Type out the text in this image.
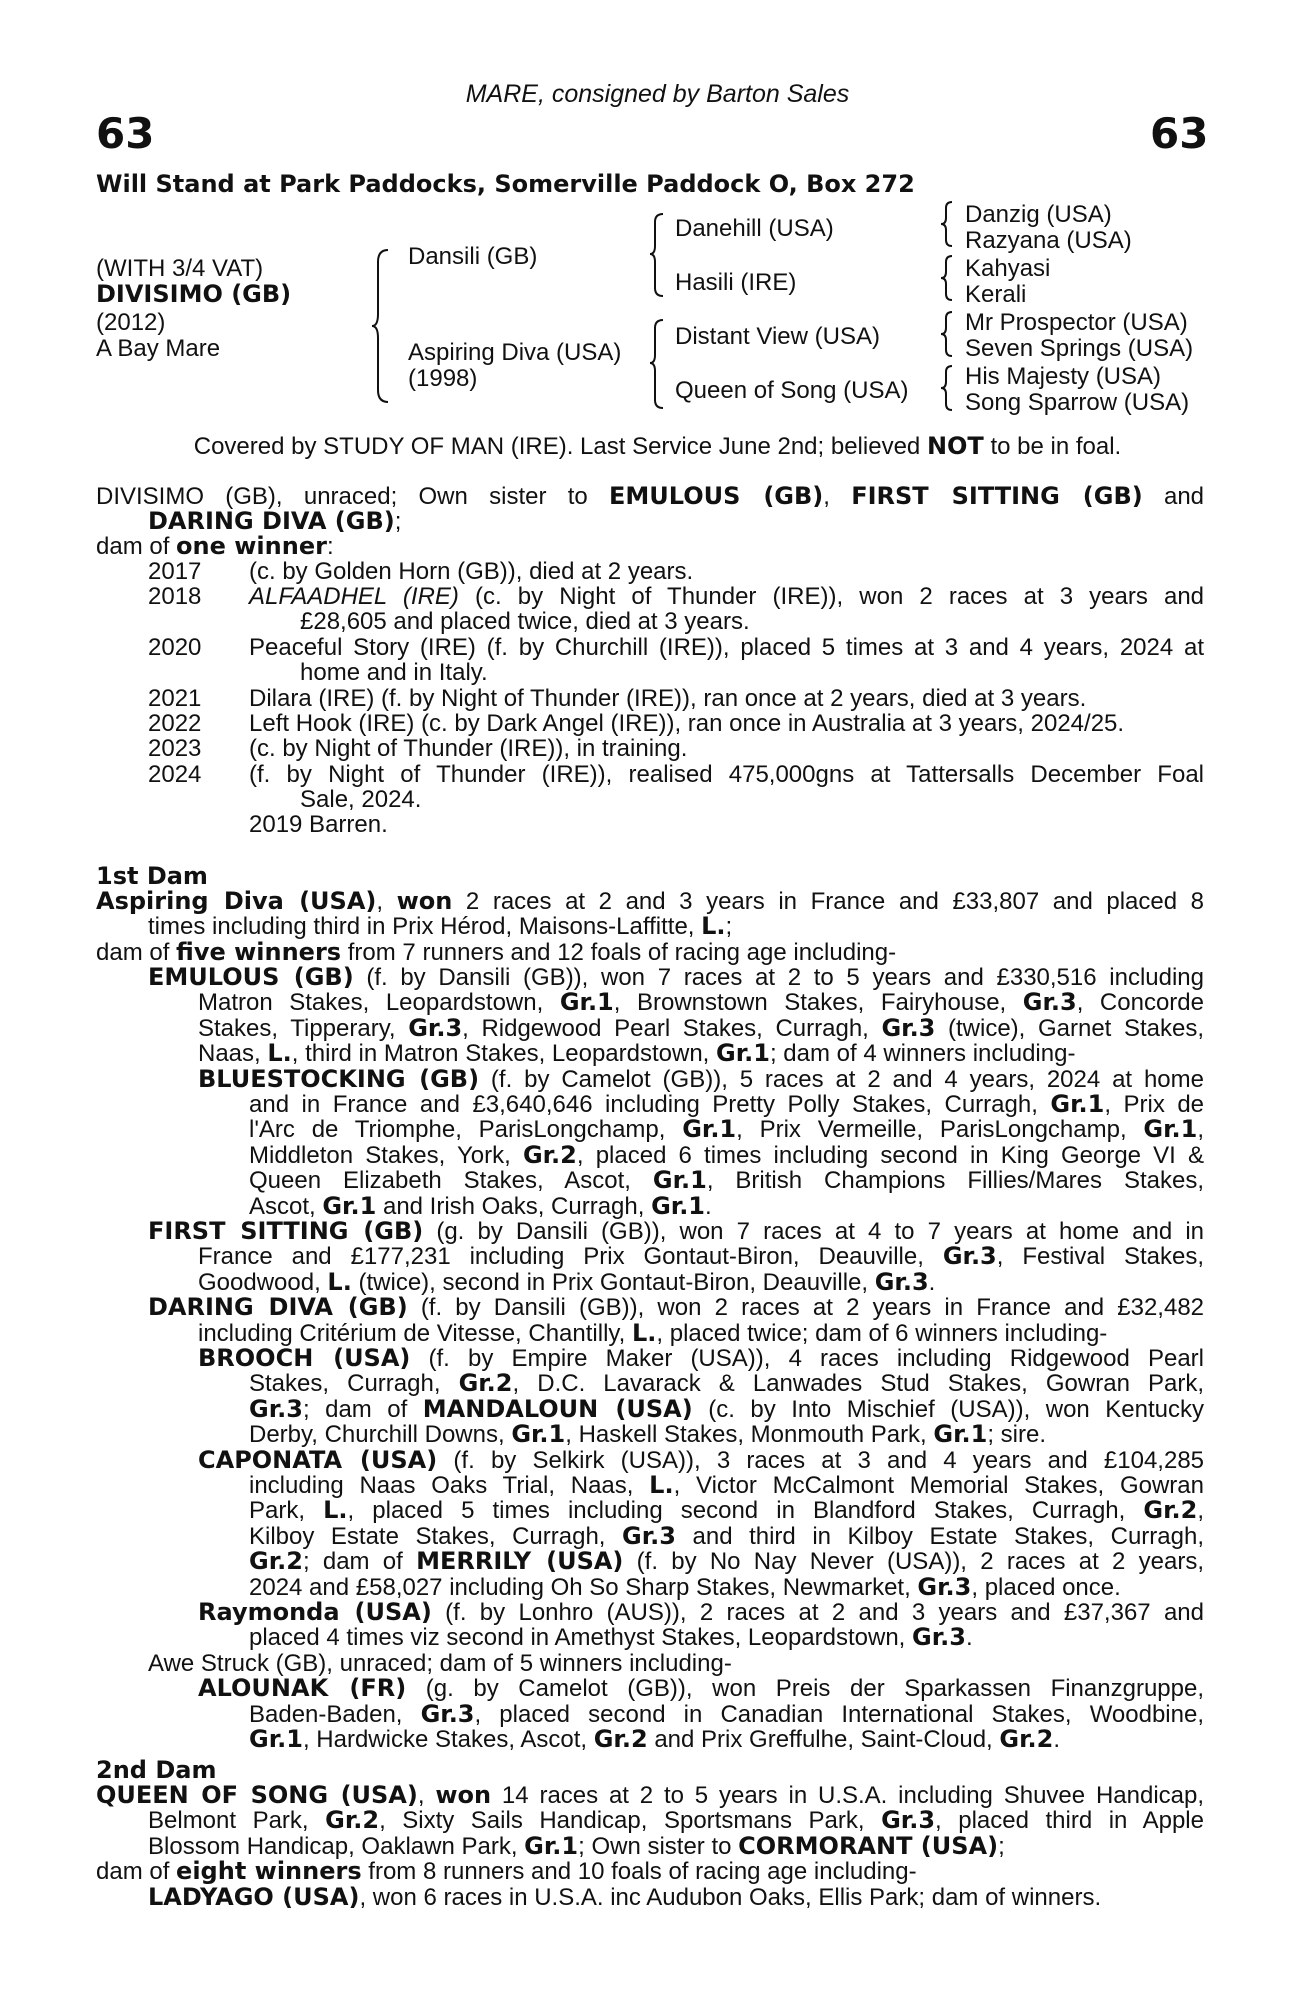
MARE, consigned by Barton Sales
63	63
Will Stand at Park Paddocks, Somerville Paddock O, Box 272
(WITH 3/4 VAT)
DIVISIMO (GB)
(2012)
A Bay Mare
Dansili (GB)
Aspiring Diva (USA)
(1998)
Danehill (USA)
Hasili (IRE)
Distant View (USA)
Queen of Song (USA)
Danzig (USA)
Razyana (USA)
Kahyasi
Kerali
Mr Prospector (USA)
Seven Springs (USA)
His Majesty (USA)
Song Sparrow (USA)
Covered by STUDY OF MAN (IRE). Last Service June 2nd; believed NOT to be in foal.
DIVISIMO (GB), unraced; Own sister to EMULOUS (GB), FIRST SITTING (GB) and
DARING DIVA (GB);
dam of one winner:
2017 (c. by Golden Horn (GB)), died at 2 years.
2018 ALFAADHEL (IRE) (c. by Night of Thunder (IRE)), won 2 races at 3 years and
£28,605 and placed twice, died at 3 years.
2020 Peaceful Story (IRE) (f. by Churchill (IRE)), placed 5 times at 3 and 4 years, 2024 at
home and in Italy.
2021 Dilara (IRE) (f. by Night of Thunder (IRE)), ran once at 2 years, died at 3 years.
2022 Left Hook (IRE) (c. by Dark Angel (IRE)), ran once in Australia at 3 years, 2024/25.
2023 (c. by Night of Thunder (IRE)), in training.
2024 (f. by Night of Thunder (IRE)), realised 475,000gns at Tattersalls December Foal
Sale, 2024.
2019 Barren.
1st Dam
Aspiring Diva (USA), won 2 races at 2 and 3 years in France and £33,807 and placed 8
times including third in Prix Hérod, Maisons-Laffitte, L.;
dam of five winners from 7 runners and 12 foals of racing age including-
EMULOUS (GB) (f. by Dansili (GB)), won 7 races at 2 to 5 years and £330,516 including
Matron Stakes, Leopardstown, Gr.1, Brownstown Stakes, Fairyhouse, Gr.3, Concorde
Stakes, Tipperary, Gr.3, Ridgewood Pearl Stakes, Curragh, Gr.3 (twice), Garnet Stakes,
Naas, L., third in Matron Stakes, Leopardstown, Gr.1; dam of 4 winners including-
BLUESTOCKING (GB) (f. by Camelot (GB)), 5 races at 2 and 4 years, 2024 at home
and in France and £3,640,646 including Pretty Polly Stakes, Curragh, Gr.1, Prix de
l'Arc de Triomphe, ParisLongchamp, Gr.1, Prix Vermeille, ParisLongchamp, Gr.1,
Middleton Stakes, York, Gr.2, placed 6 times including second in King George VI &
Queen Elizabeth Stakes, Ascot, Gr.1, British Champions Fillies/Mares Stakes,
Ascot, Gr.1 and Irish Oaks, Curragh, Gr.1.
FIRST SITTING (GB) (g. by Dansili (GB)), won 7 races at 4 to 7 years at home and in
France and £177,231 including Prix Gontaut-Biron, Deauville, Gr.3, Festival Stakes,
Goodwood, L. (twice), second in Prix Gontaut-Biron, Deauville, Gr.3.
DARING DIVA (GB) (f. by Dansili (GB)), won 2 races at 2 years in France and £32,482
including Critérium de Vitesse, Chantilly, L., placed twice; dam of 6 winners including-
BROOCH (USA) (f. by Empire Maker (USA)), 4 races including Ridgewood Pearl
Stakes, Curragh, Gr.2, D.C. Lavarack & Lanwades Stud Stakes, Gowran Park,
Gr.3; dam of MANDALOUN (USA) (c. by Into Mischief (USA)), won Kentucky
Derby, Churchill Downs, Gr.1, Haskell Stakes, Monmouth Park, Gr.1; sire.
CAPONATA (USA) (f. by Selkirk (USA)), 3 races at 3 and 4 years and £104,285
including Naas Oaks Trial, Naas, L., Victor McCalmont Memorial Stakes, Gowran
Park, L., placed 5 times including second in Blandford Stakes, Curragh, Gr.2,
Kilboy Estate Stakes, Curragh, Gr.3 and third in Kilboy Estate Stakes, Curragh,
Gr.2; dam of MERRILY (USA) (f. by No Nay Never (USA)), 2 races at 2 years,
2024 and £58,027 including Oh So Sharp Stakes, Newmarket, Gr.3, placed once.
Raymonda (USA) (f. by Lonhro (AUS)), 2 races at 2 and 3 years and £37,367 and
placed 4 times viz second in Amethyst Stakes, Leopardstown, Gr.3.
Awe Struck (GB), unraced; dam of 5 winners including-
ALOUNAK (FR) (g. by Camelot (GB)), won Preis der Sparkassen Finanzgruppe,
Baden-Baden, Gr.3, placed second in Canadian International Stakes, Woodbine,
Gr.1, Hardwicke Stakes, Ascot, Gr.2 and Prix Greffulhe, Saint-Cloud, Gr.2.
2nd Dam
QUEEN OF SONG (USA), won 14 races at 2 to 5 years in U.S.A. including Shuvee Handicap,
Belmont Park, Gr.2, Sixty Sails Handicap, Sportsmans Park, Gr.3, placed third in Apple
Blossom Handicap, Oaklawn Park, Gr.1; Own sister to CORMORANT (USA);
dam of eight winners from 8 runners and 10 foals of racing age including-
LADYAGO (USA), won 6 races in U.S.A. inc Audubon Oaks, Ellis Park; dam of winners.
